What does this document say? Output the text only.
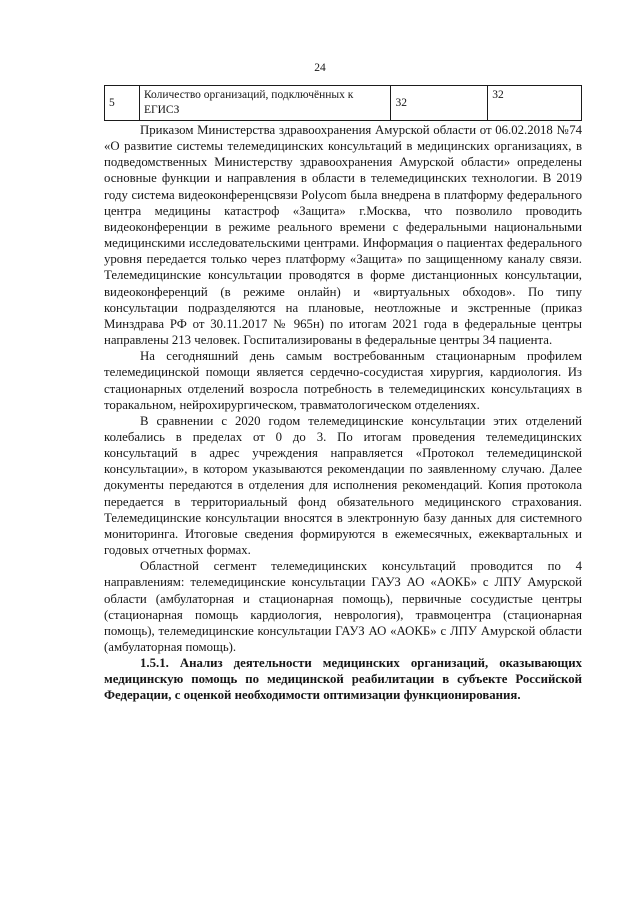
24
5	Количество организаций, подключённых к ЕГИСЗ	32	32

Приказом Министерства здравоохранения Амурской области от 06.02.2018 №74 «О развитие системы телемедицинских консультаций в медицинских организациях, в подведомственных Министерству здравоохранения Амурской области» определены основные функции и направления в области в телемедицинских технологии. В 2019 году система видеоконференцсвязи Polycom была внедрена в платформу федерального центра медицины катастроф «Защита» г.Москва, что позволило проводить видеоконференции в режиме реального времени с федеральными национальными медицинскими исследовательскими центрами. Информация о пациентах федерального уровня передается только через платформу «Защита» по защищенному каналу связи. Телемедицинские консультации проводятся в форме дистанционных консультации, видеоконференций (в режиме онлайн) и «виртуальных обходов». По типу консультации подразделяются на плановые, неотложные и экстренные (приказ Минздрава РФ от 30.11.2017 № 965н) по итогам 2021 года в федеральные центры направлены 213 человек. Госпитализированы в федеральные центры 34 пациента.

На сегодняшний день самым востребованным стационарным профилем телемедицинской помощи является сердечно-сосудистая хирургия, кардиология. Из стационарных отделений возросла потребность в телемедицинских консультациях в торакальном, нейрохирургическом, травматологическом отделениях.

В сравнении с 2020 годом телемедицинские консультации этих отделений колебались в пределах от 0 до 3. По итогам проведения телемедицинских консультаций в адрес учреждения направляется «Протокол телемедицинской консультации», в котором указываются рекомендации по заявленному случаю. Далее документы передаются в отделения для исполнения рекомендаций. Копия протокола передается в территориальный фонд обязательного медицинского страхования. Телемедицинские консультации вносятся в электронную базу данных для системного мониторинга. Итоговые сведения формируются в ежемесячных, ежеквартальных и годовых отчетных формах.

Областной сегмент телемедицинских консультаций проводится по 4 направлениям: телемедицинские консультации ГАУЗ АО «АОКБ» с ЛПУ Амурской области (амбулаторная и стационарная помощь), первичные сосудистые центры (стационарная помощь кардиология, неврология), травмоцентра (стационарная помощь), телемедицинские консультации ГАУЗ АО «АОКБ» с ЛПУ Амурской области (амбулаторная помощь).

1.5.1. Анализ деятельности медицинских организаций, оказывающих медицинскую помощь по медицинской реабилитации в субъекте Российской Федерации, с оценкой необходимости оптимизации функционирования.
